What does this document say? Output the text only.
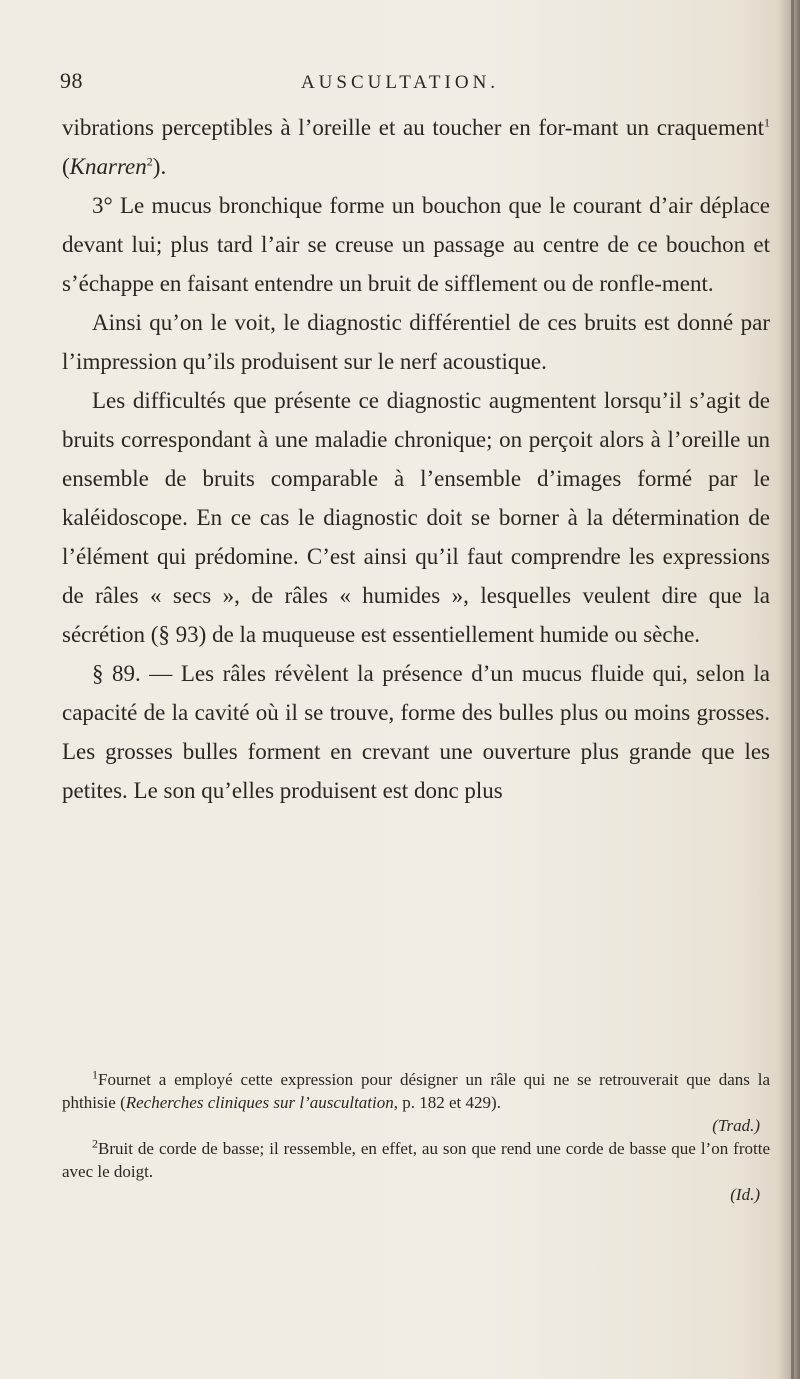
98	AUSCULTATION.

vibrations perceptibles à l’oreille et au toucher en for-mant un craquement$^1$ (Knarren$^2$).

3° Le mucus bronchique forme un bouchon que le courant d’air déplace devant lui; plus tard l’air se creuse un passage au centre de ce bouchon et s’échappe en faisant entendre un bruit de sifflement ou de ronfle-ment.

Ainsi qu’on le voit, le diagnostic différentiel de ces bruits est donné par l’impression qu’ils produisent sur le nerf acoustique.

Les difficultés que présente ce diagnostic augmentent lorsqu’il s’agit de bruits correspondant à une maladie chronique; on perçoit alors à l’oreille un ensemble de bruits comparable à l’ensemble d’images formé par le kaléidoscope. En ce cas le diagnostic doit se borner à la détermination de l’élément qui prédomine. C’est ainsi qu’il faut comprendre les expressions de râles « secs », de râles « humides », lesquelles veulent dire que la sécrétion (§ 93) de la muqueuse est essentiellement humide ou sèche.

§ 89. — Les râles révèlent la présence d’un mucus fluide qui, selon la capacité de la cavité où il se trouve, forme des bulles plus ou moins grosses. Les grosses bulles forment en crevant une ouverture plus grande que les petites. Le son qu’elles produisent est donc plus

$^1$Fournet a employé cette expression pour désigner un râle qui ne se retrouverait que dans la phthisie (Recherches cliniques sur l’auscultation, p. 182 et 429).

(Trad.)

$^2$Bruit de corde de basse; il ressemble, en effet, au son que rend une corde de basse que l’on frotte avec le doigt.

(Id.)
